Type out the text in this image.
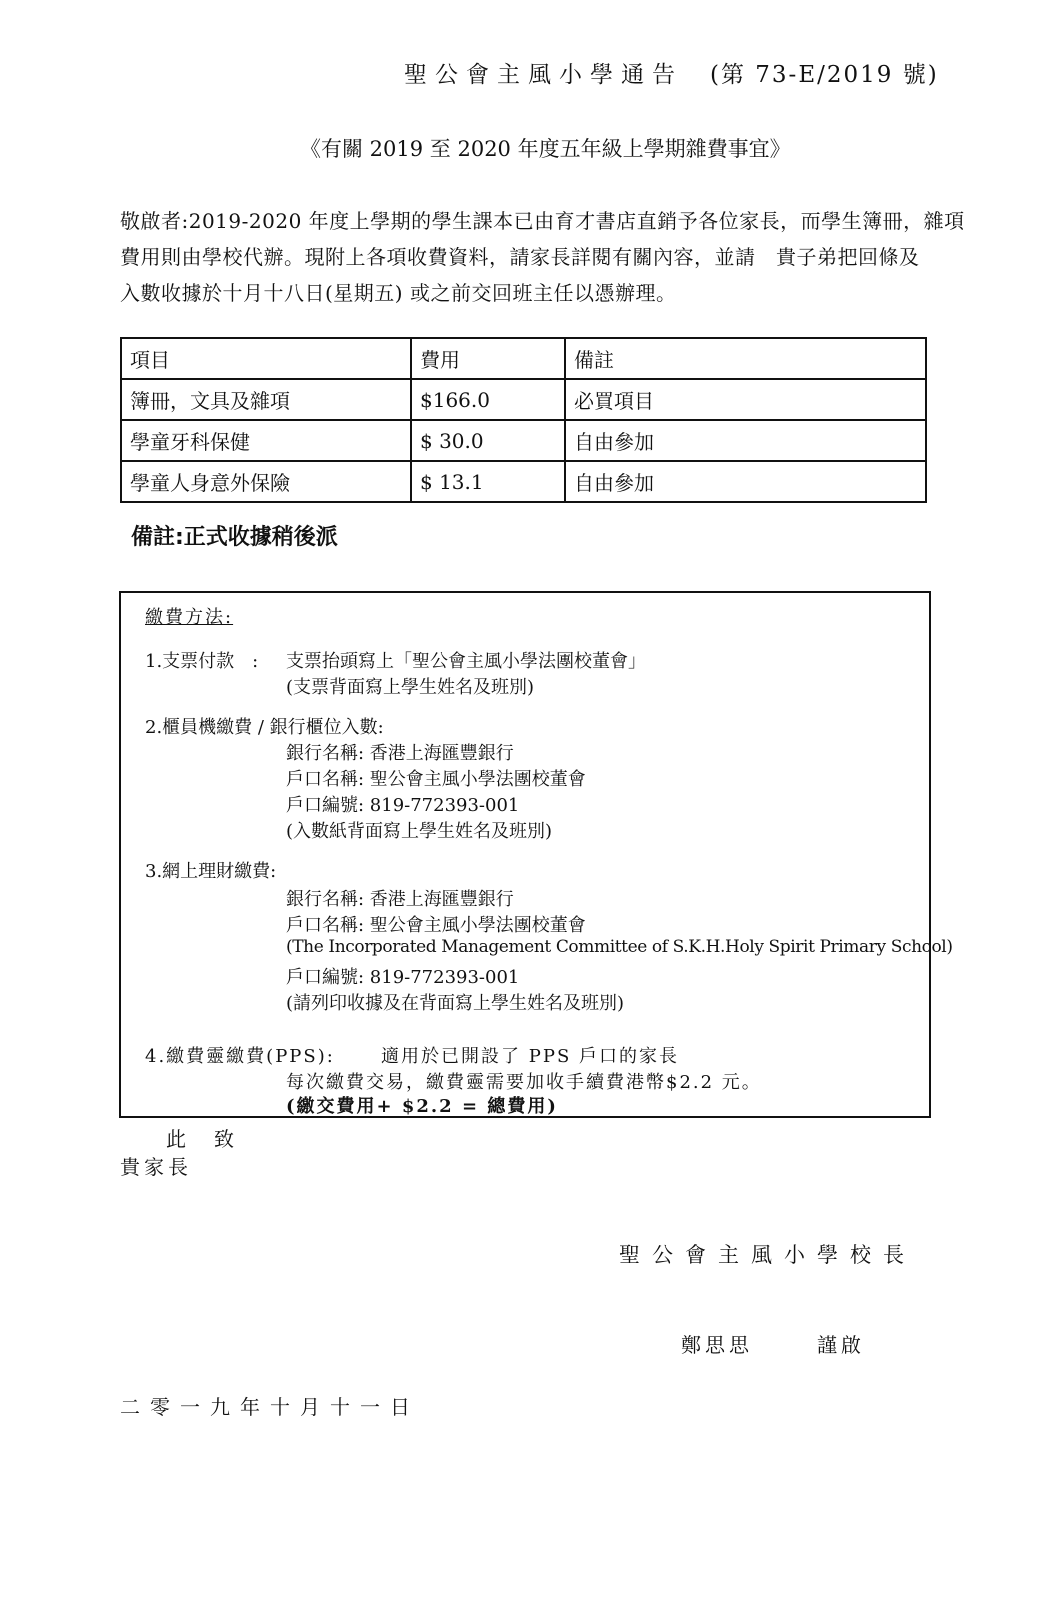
聖公會主風小學通告 (第 73-E/2019 號)
《有關 2019 至 2020 年度五年級上學期雜費事宜》
敬啟者:2019-2020 年度上學期的學生課本已由育才書店直銷予各位家長，而學生簿冊，雜項
費用則由學校代辦。現附上各項收費資料，請家長詳閱有關內容，並請　貴子弟把回條及
入數收據於十月十八日(星期五) 或之前交回班主任以憑辦理。
項目	費用	備註
簿冊，文具及雜項	$166.0	必買項目
學童牙科保健	$ 30.0	自由參加
學童人身意外保險	$ 13.1	自由參加
備註:正式收據稍後派
繳費方法:
1.支票付款　: 支票抬頭寫上「聖公會主風小學法團校董會」
(支票背面寫上學生姓名及班別)
2.櫃員機繳費 / 銀行櫃位入數:
銀行名稱: 香港上海匯豐銀行
戶口名稱: 聖公會主風小學法團校董會
戶口編號: 819-772393-001
(入數紙背面寫上學生姓名及班別)
3.網上理財繳費:
銀行名稱: 香港上海匯豐銀行
戶口名稱: 聖公會主風小學法團校董會
(The Incorporated Management Committee of S.K.H.Holy Spirit Primary School)
戶口編號: 819-772393-001
(請列印收據及在背面寫上學生姓名及班別)
4.繳費靈繳費(PPS):	適用於已開設了 PPS 戶口的家長
每次繳費交易，繳費靈需要加收手續費港幣$2.2 元。
(繳交費用+ $2.2 = 總費用)
此　致
貴家長
聖公會主風小學校長
鄭思思	謹啟
二零一九年十月十一日
